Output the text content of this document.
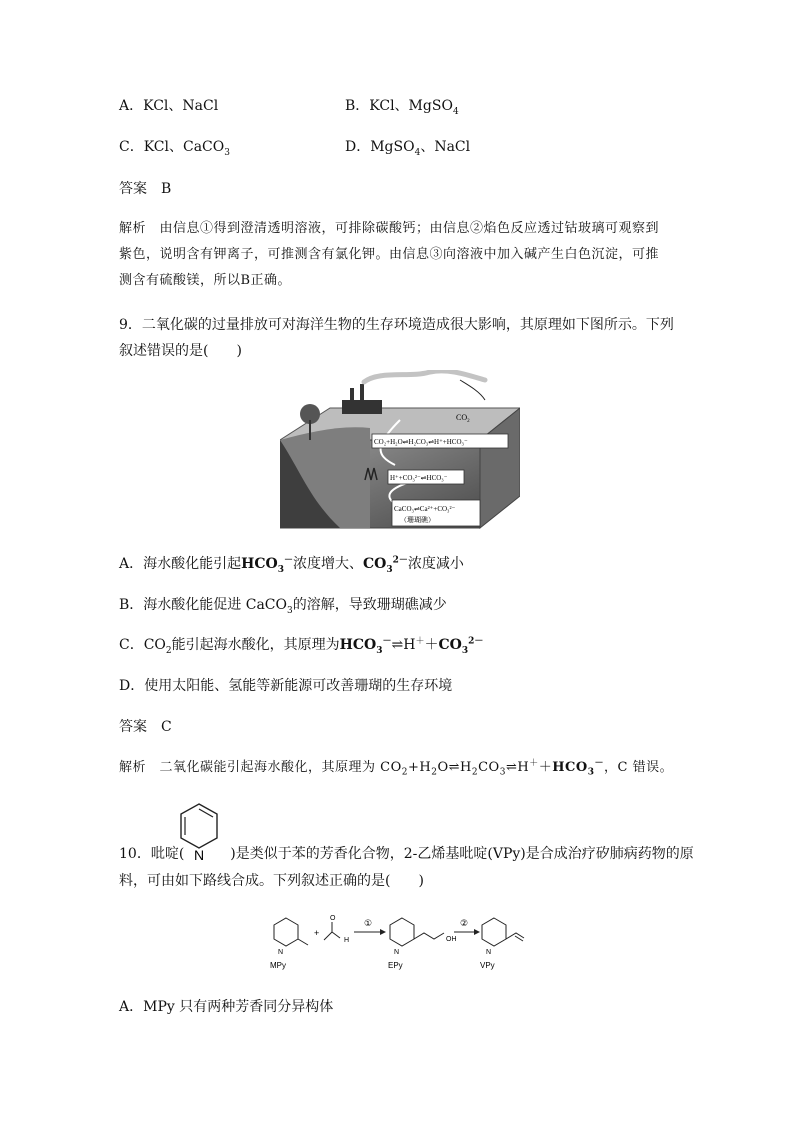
A．KCl、NaCl	B．KCl、MgSO$_4$
C．KCl、CaCO$_3$	D．MgSO$_4$、NaCl
答案　B
解析　由信息①得到澄清透明溶液，可排除碳酸钙；由信息②焰色反应透过钴玻璃可观察到
紫色，说明含有钾离子，可推测含有氯化钾。由信息③向溶液中加入碱产生白色沉淀，可推
测含有硫酸镁，所以B正确。
9．二氧化碳的过量排放可对海洋生物的生存环境造成很大影响，其原理如下图所示。下列
叙述错误的是(　　)
$CO_2$
CO₂+H₂O⇌H₂CO₃⇌H⁺+HCO₃⁻
H⁺+CO₃²⁻⇌HCO₃⁻
CaCO₃⇌Ca²⁺+CO₃²⁻
（珊瑚礁）
A．海水酸化能引起$HCO_3^-$浓度增大、$CO_3^{2-}$浓度减小
B．海水酸化能促进 CaCO$_3$的溶解，导致珊瑚礁减少
C．$CO_2$能引起海水酸化，其原理为$HCO_3^-\rightleftharpoons H^++CO_3^{2-}$
D．使用太阳能、氢能等新能源可改善珊瑚的生存环境
答案　C
解析　二氧化碳能引起海水酸化，其原理为 $CO_2+H_2O\rightleftharpoons H_2CO_3\rightleftharpoons H^++HCO_3^-$，C 错误。
N
10．吡啶(	)是类似于苯的芳香化合物，2-乙烯基吡啶(VPy)是合成治疗矽肺病药物的原
料，可由如下路线合成。下列叙述正确的是(　　)
N
MPy
+
O
H
①
N
OH
EPy
②
N
VPy
A．MPy 只有两种芳香同分异构体
